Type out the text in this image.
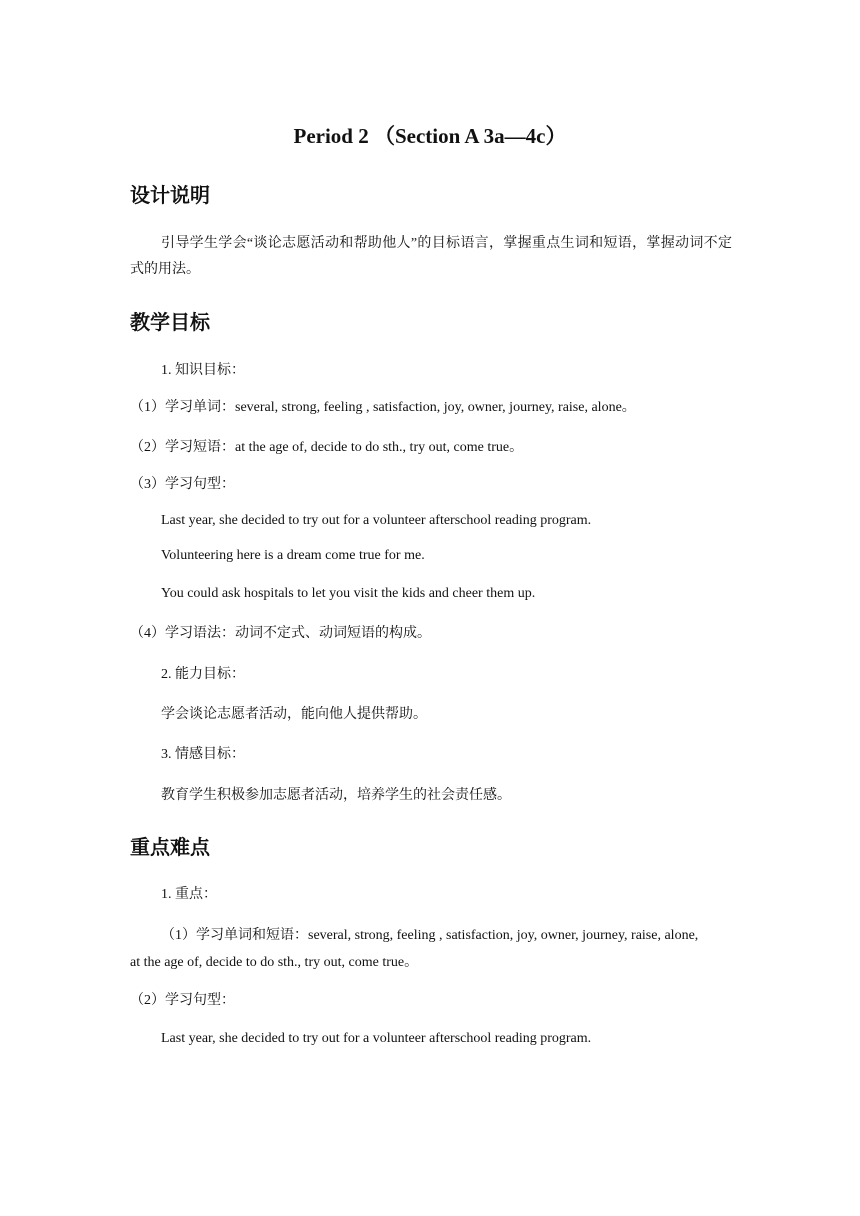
Period 2 （Section A 3a—4c）
设计说明
引导学生学会“谈论志愿活动和帮助他人”的目标语言，掌握重点生词和短语，掌握动词不定式的用法。
教学目标
1. 知识目标：
（1）学习单词：several, strong, feeling , satisfaction, joy, owner, journey, raise, alone。
（2）学习短语：at the age of, decide to do sth., try out, come true。
（3）学习句型：
Last year, she decided to try out for a volunteer afterschool reading program.
Volunteering here is a dream come true for me.
You could ask hospitals to let you visit the kids and cheer them up.
（4）学习语法：动词不定式、动词短语的构成。
2. 能力目标：
学会谈论志愿者活动，能向他人提供帮助。
3. 情感目标：
教育学生积极参加志愿者活动，培养学生的社会责任感。
重点难点
1. 重点：
（1）学习单词和短语：several, strong, feeling , satisfaction, joy, owner, journey, raise, alone,
at the age of, decide to do sth., try out, come true。
（2）学习句型：
Last year, she decided to try out for a volunteer afterschool reading program.
